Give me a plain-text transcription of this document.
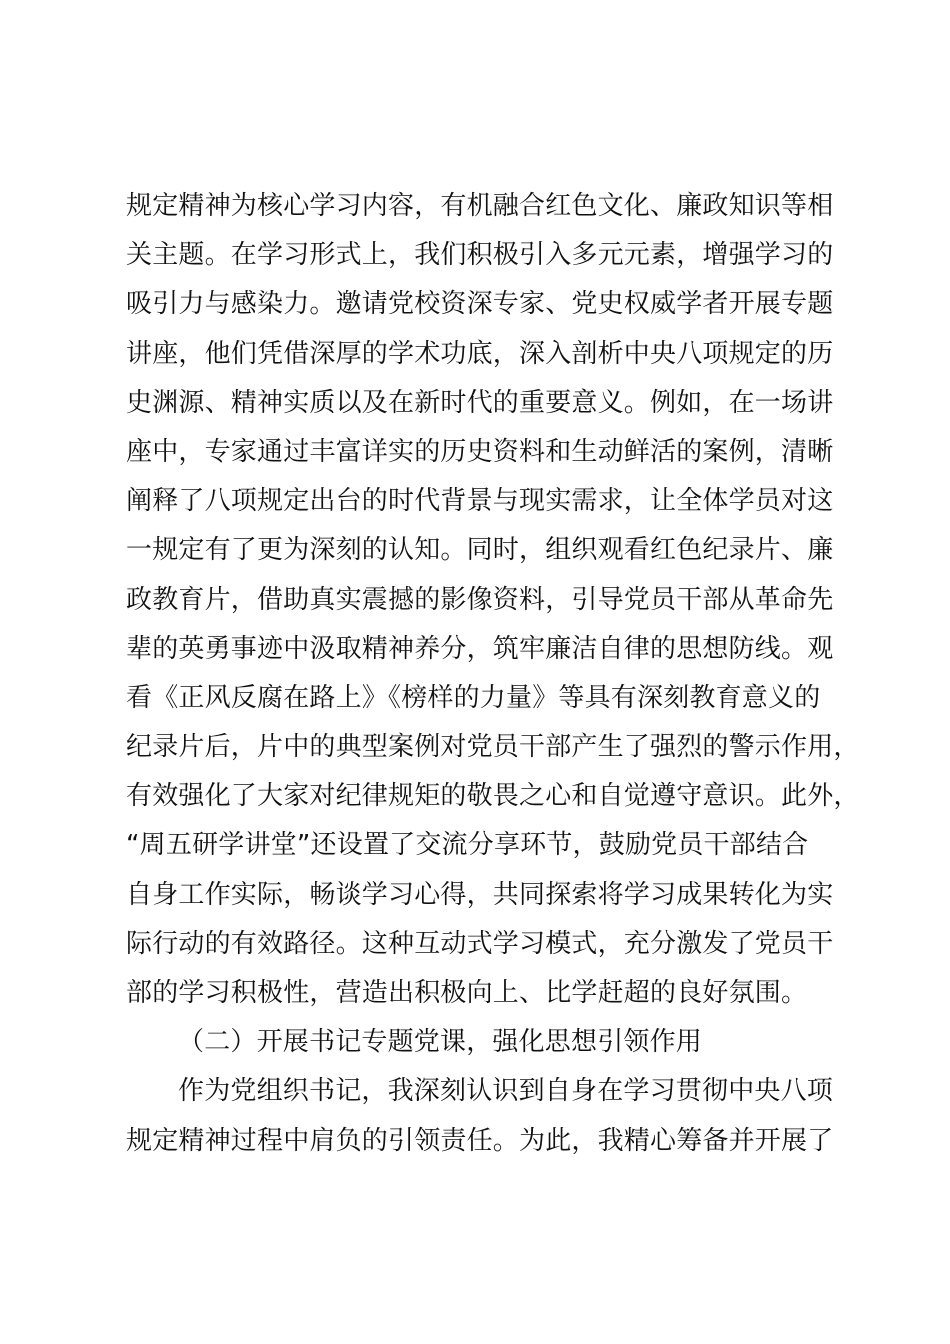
规定精神为核心学习内容，有机融合红色文化、廉政知识等相
关主题。在学习形式上，我们积极引入多元元素，增强学习的
吸引力与感染力。邀请党校资深专家、党史权威学者开展专题
讲座，他们凭借深厚的学术功底，深入剖析中央八项规定的历
史渊源、精神实质以及在新时代的重要意义。例如，在一场讲
座中，专家通过丰富详实的历史资料和生动鲜活的案例，清晰
阐释了八项规定出台的时代背景与现实需求，让全体学员对这
一规定有了更为深刻的认知。同时，组织观看红色纪录片、廉
政教育片，借助真实震撼的影像资料，引导党员干部从革命先
辈的英勇事迹中汲取精神养分，筑牢廉洁自律的思想防线。观
看《正风反腐在路上》《榜样的力量》等具有深刻教育意义的
纪录片后，片中的典型案例对党员干部产生了强烈的警示作用，
有效强化了大家对纪律规矩的敬畏之心和自觉遵守意识。此外，
“周五研学讲堂”还设置了交流分享环节，鼓励党员干部结合
自身工作实际，畅谈学习心得，共同探索将学习成果转化为实
际行动的有效路径。这种互动式学习模式，充分激发了党员干
部的学习积极性，营造出积极向上、比学赶超的良好氛围。
（二）开展书记专题党课，强化思想引领作用
作为党组织书记，我深刻认识到自身在学习贯彻中央八项
规定精神过程中肩负的引领责任。为此，我精心筹备并开展了
